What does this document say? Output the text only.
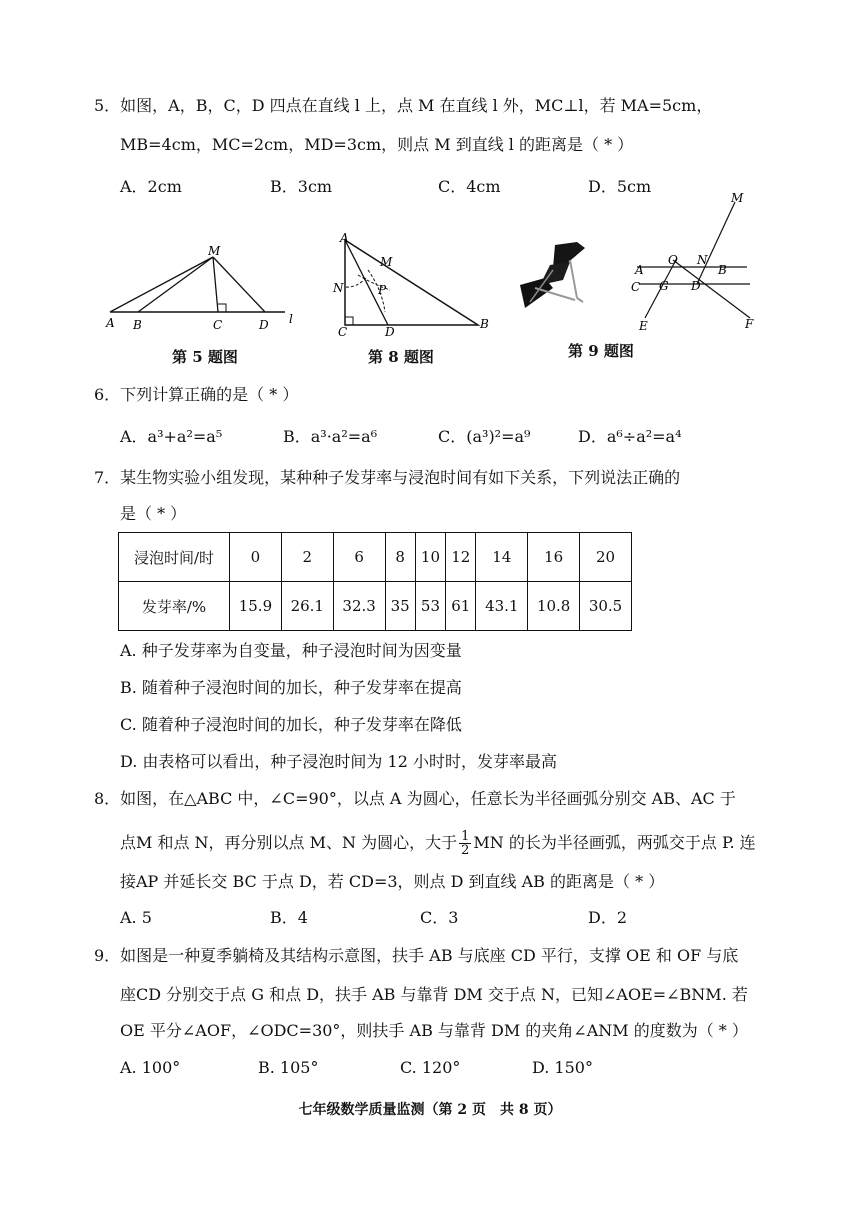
5．如图，A，B，C，D 四点在直线 l 上，点 M 在直线 l 外，MC⊥l，若 MA=5cm，
MB=4cm，MC=2cm，MD=3cm，则点 M 到直线 l 的距离是（ * ）
A．2cm	B．3cm	C．4cm	D．5cm
M
A B	C	D l
第 5 题图
A
M
N	P
C	D
B
第 8 题图
M
O N
A	B
C G D
E	F
第 9 题图
6．下列计算正确的是（ * ）
A．a³+a²=a⁵	B．a³·a²=a⁶	C．(a³)²=a⁹	D．a⁶÷a²=a⁴
7．某生物实验小组发现，某种种子发芽率与浸泡时间有如下关系，下列说法正确的
是（ * ）
浸泡时间/时	0	2	6	8	10	12	14	16	20
发芽率/%	15.9	26.1	32.3	35	53	61	43.1	10.8	30.5
A. 种子发芽率为自变量，种子浸泡时间为因变量
B. 随着种子浸泡时间的加长，种子发芽率在提高
C. 随着种子浸泡时间的加长，种子发芽率在降低
D. 由表格可以看出，种子浸泡时间为 12 小时时，发芽率最高
8．如图，在△ABC 中，∠C=90°，以点 A 为圆心，任意长为半径画弧分别交 AB、AC 于
点M 和点 N，再分别以点 M、N 为圆心，大于 $\frac{1}{2}$ MN 的长为半径画弧，两弧交于点 P. 连
接AP 并延长交 BC 于点 D，若 CD=3，则点 D 到直线 AB 的距离是（ * ）
A. 5	B．4	C．3	D．2
9．如图是一种夏季躺椅及其结构示意图，扶手 AB 与底座 CD 平行，支撑 OE 和 OF 与底
座CD 分别交于点 G 和点 D，扶手 AB 与靠背 DM 交于点 N，已知∠AOE=∠BNM. 若
OE 平分∠AOF，∠ODC=30°，则扶手 AB 与靠背 DM 的夹角∠ANM 的度数为（ * ）
A. 100°	B. 105°	C. 120°	D. 150°
七年级数学质量监测（第 2 页　共 8 页）
